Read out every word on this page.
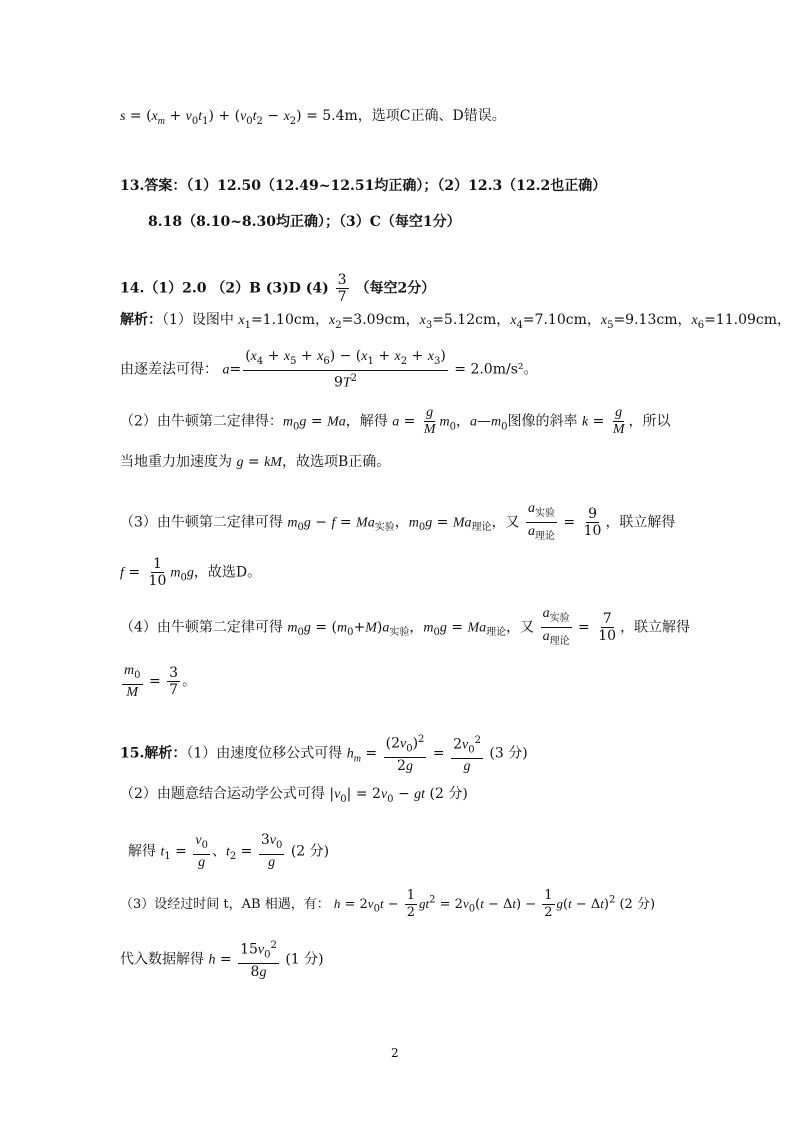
$s = (x_m + v_0t_1) + (v_0t_2 - x_2) = 5.4m$，选项C正确、D错误。
13.答案：（1）12.50（12.49~12.51均正确）；（2）12.3（12.2也正确）
8.18（8.10~8.30均正确）；（3）C（每空1分）
14.（1）2.0 （2）B (3)D $(4) \frac{3}{7}$ （每空2分）
解析：（1）设图中 $x_1=1.10cm$，$x_2=3.09cm$，$x_3=5.12cm$，$x_4=7.10cm$，$x_5=9.13cm$，$x_6=11.09cm$，
由逐差法可得： $a= \frac{(x_4 + x_5 + x_6) - (x_1 + x_2 + x_3)}{9T^2} = 2.0m/s^2$。
（2）由牛顿第二定律得：$m_0g = Ma$，解得 $a = \frac{g}{M} m_0$，$a—m_0$图像的斜率 $k = \frac{g}{M}$ ，所以
当地重力加速度为 g = kM，故选项B正确。
（3）由牛顿第二定律可得 $m_0g - f = Ma_{实验}$，$m_0g = Ma_{理论}$，又 $\frac{a_{实验}}{a_{理论}} = \frac{9}{10}$ ，联立解得
$f = \frac{1}{10} m_0g$，故选D。
（4）由牛顿第二定律可得 $m_0g = (m_0+M)a_{实验}$，$m_0g = Ma_{理论}$，又 $\frac{a_{实验}}{a_{理论}} = \frac{7}{10}$ ，联立解得
$\frac{m_0}{M} = \frac{3}{7}$ 。
15.解析：（1）由速度位移公式可得 $h_m = \frac{(2v_0)^2}{2g} = \frac{2v_0^2}{g} (3$ 分)
（2）由题意结合运动学公式可得 $|v_0| = 2v_0$ − gt (2 分)
解得 $t_1 = \frac{v_0}{g}$ 、$t_2 = \frac{3v_0}{g} (2$ 分)
（3）设经过时间 t，AB 相遇，有： $h = 2v_0t - \frac{1}{2} gt^2 = 2v_0(t - \Delta t) - \frac{1}{2} g(t - \Delta t)^2$ (2 分)
代入数据解得 $h = \frac{15v_0^2}{8g} (1$ 分)
2
